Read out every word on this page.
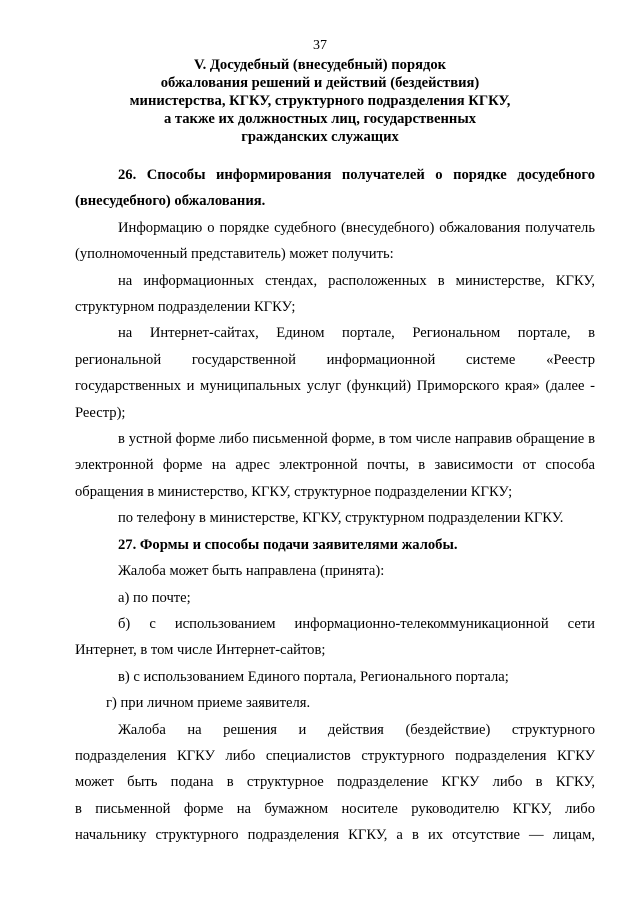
37
V. Досудебный (внесудебный) порядок
обжалования решений и действий (бездействия)
министерства, КГКУ, структурного подразделения КГКУ,
а также их должностных лиц, государственных
гражданских служащих

26. Способы информирования получателей о порядке досудебного (внесудебного) обжалования.

Информацию о порядке судебного (внесудебного) обжалования получатель (уполномоченный представитель) может получить:

на информационных стендах, расположенных в министерстве, КГКУ, структурном подразделении КГКУ;

на Интернет-сайтах, Едином портале, Региональном портале, в региональной государственной информационной системе «Реестр государственных и муниципальных услуг (функций) Приморского края» (далее - Реестр);

в устной форме либо письменной форме, в том числе направив обращение в электронной форме на адрес электронной почты, в зависимости от способа обращения в министерство, КГКУ, структурное подразделении КГКУ;

по телефону в министерстве, КГКУ, структурном подразделении КГКУ.

27. Формы и способы подачи заявителями жалобы.

Жалоба может быть направлена (принята):

а) по почте;

б) с использованием информационно-телекоммуникационной сети Интернет, в том числе Интернет-сайтов;

в) с использованием Единого портала, Регионального портала;

г) при личном приеме заявителя.

Жалоба на решения и действия (бездействие) структурного
подразделения КГКУ либо специалистов структурного подразделения КГКУ
может быть подана в структурное подразделение КГКУ либо в КГКУ,
в письменной форме на бумажном носителе руководителю КГКУ, либо
начальнику структурного подразделения КГКУ, а в их отсутствие — лицам,
